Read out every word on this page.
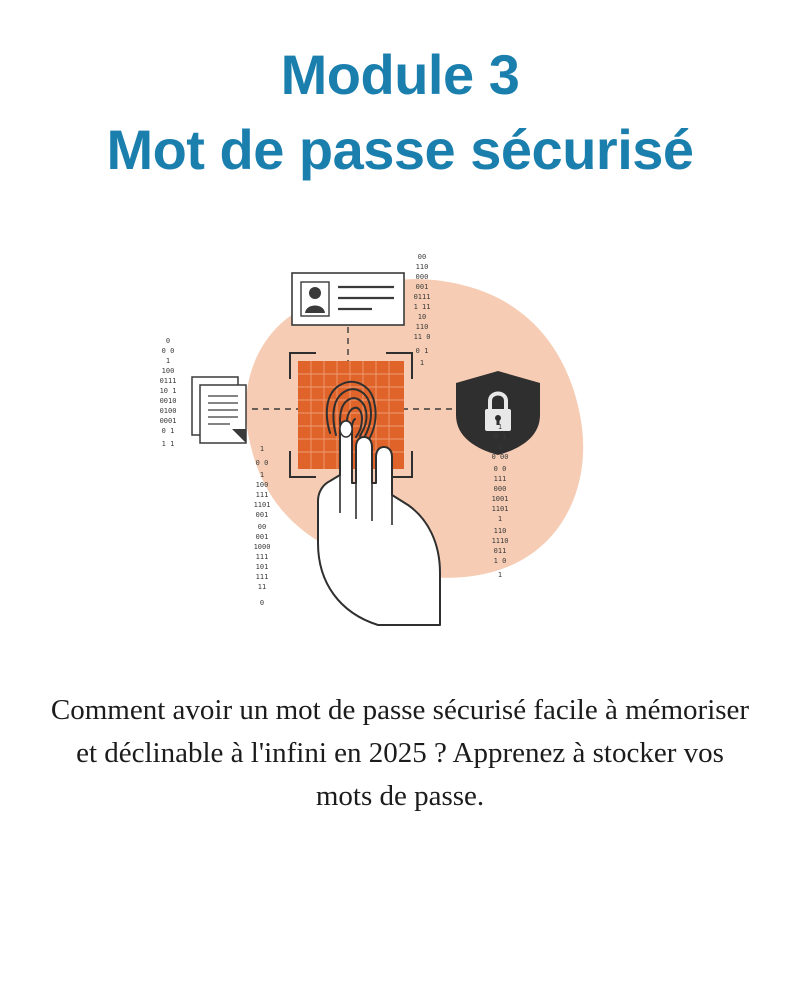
Module 3
Mot de passe sécurisé
0
0 0
1
100
0111
10 1
0010
0100
0001
0 1
1 1
00
110
000
001
0111
1 11
10
110
11 0
0 1
1
1
0 0
1
100
111
1101
001
00
001
1000
111
101
111
11
0
1
0 1
1
0 00
0 0
111
000
1001
1101
1
110
1110
011
1 0
1
Comment avoir un mot de passe sécurisé facile à mémoriser et déclinable à l'infini en 2025 ? Apprenez à stocker vos mots de passe.
